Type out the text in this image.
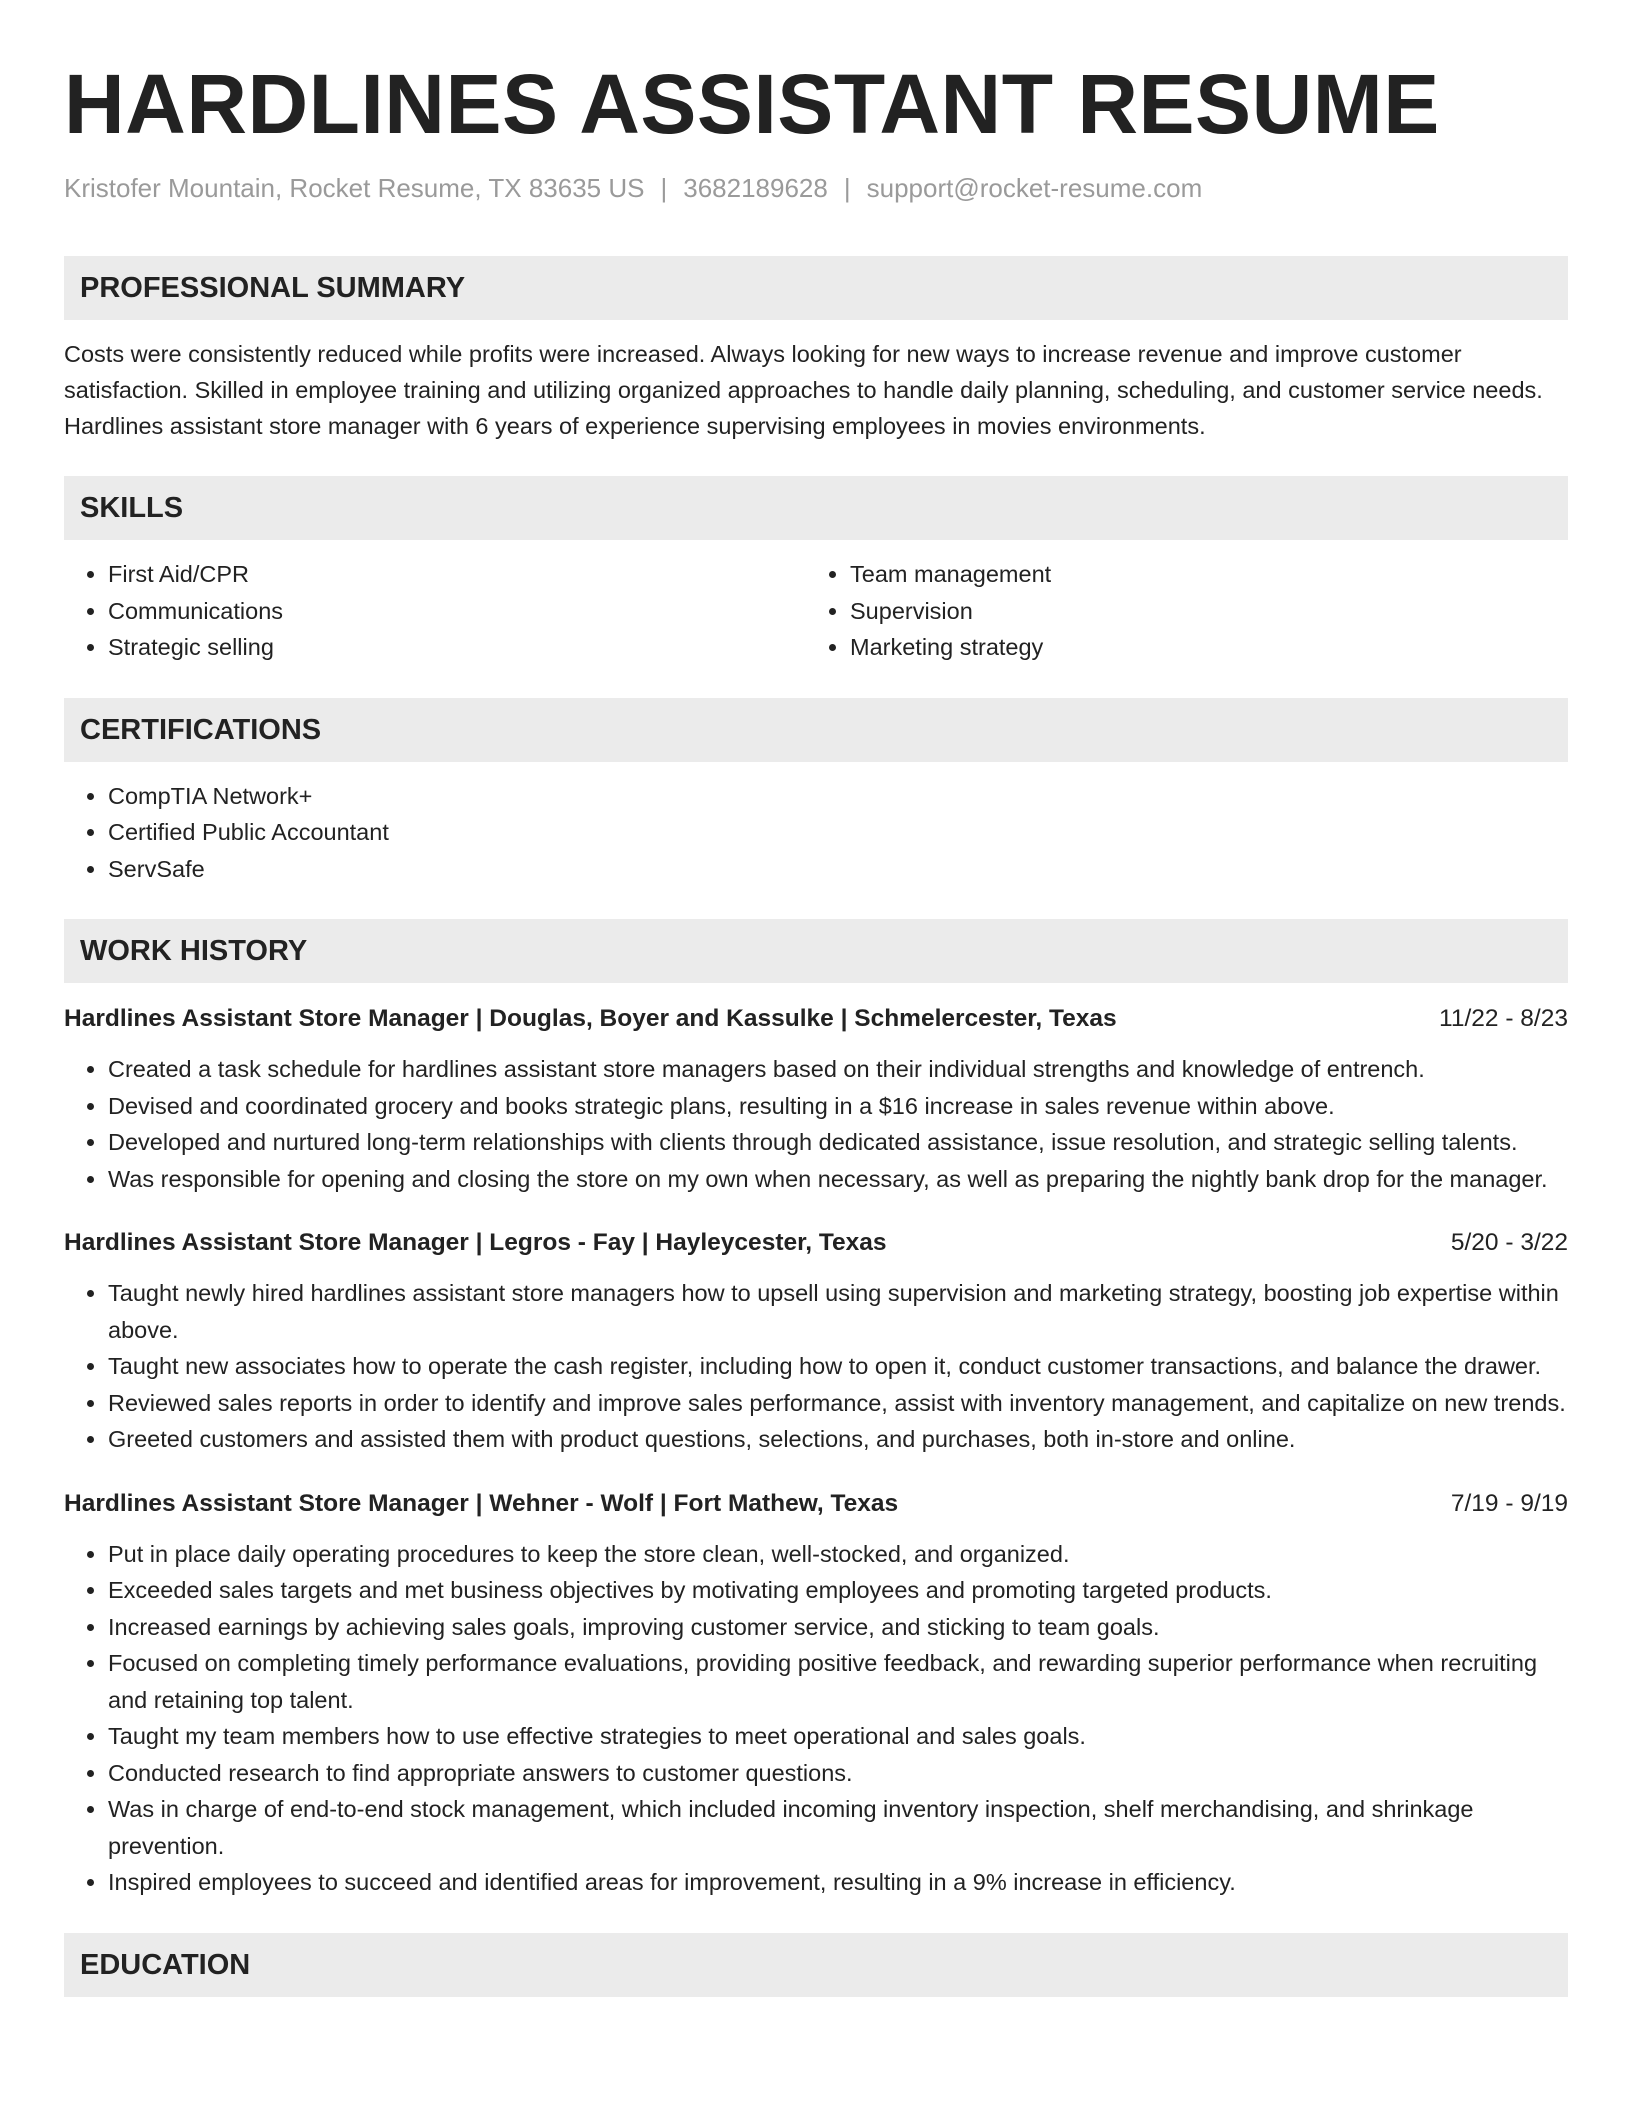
HARDLINES ASSISTANT RESUME
Kristofer Mountain, Rocket Resume, TX 83635 US | 3682189628 | support@rocket-resume.com
PROFESSIONAL SUMMARY

Costs were consistently reduced while profits were increased. Always looking for new ways to increase revenue and improve customer satisfaction. Skilled in employee training and utilizing organized approaches to handle daily planning, scheduling, and customer service needs. Hardlines assistant store manager with 6 years of experience supervising employees in movies environments.

SKILLS
• First Aid/CPR
• Communications
• Strategic selling
• Team management
• Supervision
• Marketing strategy
CERTIFICATIONS
• CompTIA Network+
• Certified Public Accountant
• ServSafe
WORK HISTORY
Hardlines Assistant Store Manager | Douglas, Boyer and Kassulke | Schmelercester, Texas	11/22 - 8/23
• Created a task schedule for hardlines assistant store managers based on their individual strengths and knowledge of entrench.
• Devised and coordinated grocery and books strategic plans, resulting in a $16 increase in sales revenue within above.
• Developed and nurtured long-term relationships with clients through dedicated assistance, issue resolution, and strategic selling talents.
• Was responsible for opening and closing the store on my own when necessary, as well as preparing the nightly bank drop for the manager.
Hardlines Assistant Store Manager | Legros - Fay | Hayleycester, Texas	5/20 - 3/22
• Taught newly hired hardlines assistant store managers how to upsell using supervision and marketing strategy, boosting job expertise within above.
• Taught new associates how to operate the cash register, including how to open it, conduct customer transactions, and balance the drawer.
• Reviewed sales reports in order to identify and improve sales performance, assist with inventory management, and capitalize on new trends.
• Greeted customers and assisted them with product questions, selections, and purchases, both in-store and online.
Hardlines Assistant Store Manager | Wehner - Wolf | Fort Mathew, Texas	7/19 - 9/19
• Put in place daily operating procedures to keep the store clean, well-stocked, and organized.
• Exceeded sales targets and met business objectives by motivating employees and promoting targeted products.
• Increased earnings by achieving sales goals, improving customer service, and sticking to team goals.
• Focused on completing timely performance evaluations, providing positive feedback, and rewarding superior performance when recruiting and retaining top talent.
• Taught my team members how to use effective strategies to meet operational and sales goals.
• Conducted research to find appropriate answers to customer questions.
• Was in charge of end-to-end stock management, which included incoming inventory inspection, shelf merchandising, and shrinkage prevention.
• Inspired employees to succeed and identified areas for improvement, resulting in a 9% increase in efficiency.
EDUCATION
